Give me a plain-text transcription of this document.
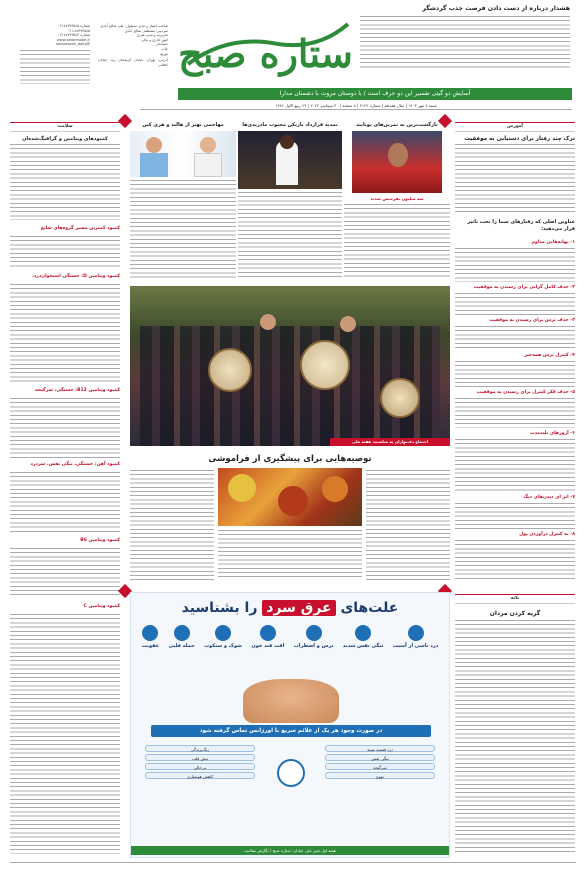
شماره ۰۲۱۸۸۳۷۳۵۸۵
۰۲۱-۸۸۳۷۳۵۸۵
شماره ۰۲۱۸۸۳۷۳۵۸۳
www.setaresobh.ir
@setaresobh_daily
صاحب امتیاز و مدیر مسئول: علی صالح آبادی
سردبیر: مصطفی صالح آبادی
تحریریه و مدیر هنری
امور اداری و مالی
حسابدار
چاپ
توزیع
آدرس: تهران، خیابان کریمخان زند، خیابان خاقانی ستاره صبح
هشدار درباره از دست دادن فرصت جذب گردشگر
آسایش دو گیتی تفسیر این دو حرف است / با دوستان مروت با دشمنان مدارا
شنبه ۸ مهر ۱۴۰۳ | سال هفدهم | شماره ۴۱۲۲ | ۸ صفحه | ۳۰ سپتامبر ۲۰۲۴ | ۲۴ ربیع الاول ۱۴۴۶
آموزش
ترک چند رفتار برای دستیابی به موفقیت
عناوین اصلی که رفتارهای شما را تحت تاثیر قرار می‌دهند:
۱- بهانه‌هایی مداوم
۲- حذف کامل گرایی برای رسیدن به موفقیت
۳- حذف ترس برای رسیدن به موفقیت
۴- کنترل ترس همه‌چیز
۵- حذف فکر کنترل برای رسیدن به موفقیت
۶- آروزهای بلند‌مدت
۷- اثر ای دیدن‌های دنگ
۸- به کنترل درآوردن پول
نکته
گریه کردن مردان
سلامت
کمبود‌های ویتامین و گرافیگ‌شده‌ان
کمبود کمترین مسیر گروه‌های شایع
کمبود ویتامین D: خستگی استخوان‌درد،
کمبود ویتامین B12: خستگی، سرگیجه
کمبود آهن: خستگی، تنگی نفس، سردرد
کمبود ویتامین B6
کمبود ویتامین C
بازگشت‌ترین به تمرین‌های یونایتد
سه میلیون نفرحبس شدند
تمدید قرارداد بازیکن محبوب مادریدی‌ها
مهاجمی بهتر از هالند و هری کین
اجتماع دف‌نوازان به مناسبت هفته ملی
توصیه‌هایی برای پیشگیری از فراموشی
علت‌های عرق سرد را بشناسید
درد ناشی از آسیب
تنگی نفس شدید
ترس و اضطراب
افت قند خون
شوک و سنکوپ
حمله قلبی
عفونت
در صورت وجود هر یک از علائم سریع با اورژانس تماس گرفته شود
درد قفسه سینه
تنگی نفس
سرگیجه
تهوع
رنگ‌پریدگی
تپش قلب
بی‌حالی
کاهش هوشیاری
هفته اول شیر علی خیابان: ستاره صبح / نگارش سلامت
